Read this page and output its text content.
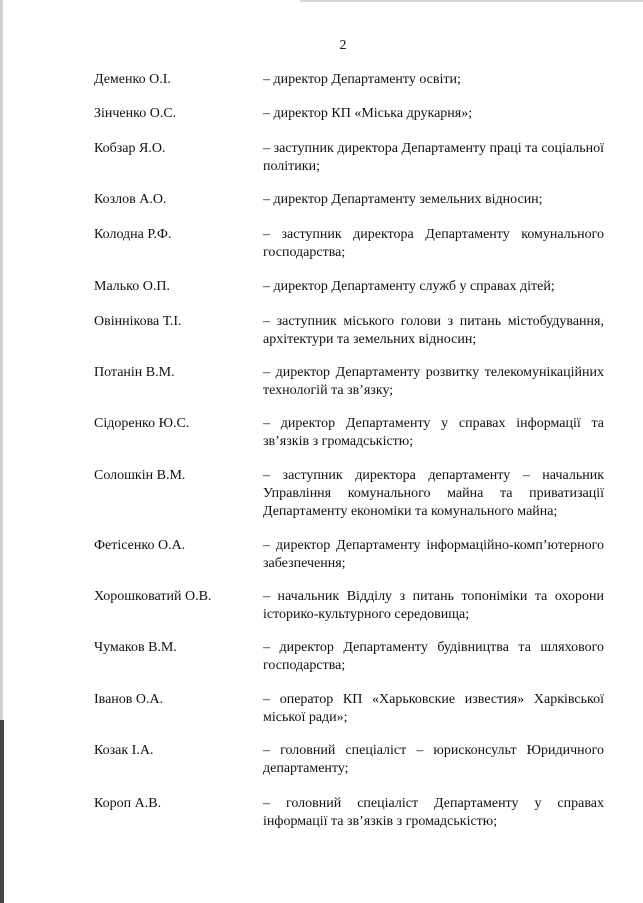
2
Деменко О.І.	– директор Департаменту освіти;
Зінченко О.С.	– директор КП «Міська друкарня»;
Кобзар Я.О.	– заступник директора Департаменту праці та соціальної політики;
Козлов А.О.	– директор Департаменту земельних відносин;
Колодна Р.Ф.	– заступник директора Департаменту комунального господарства;
Малько О.П.	– директор Департаменту служб у справах дітей;
Овіннікова Т.І.	– заступник міського голови з питань містобудування, архітектури та земельних відносин;
Потанін В.М.	– директор Департаменту розвитку телекомунікаційних технологій та зв’язку;
Сідоренко Ю.С.	– директор Департаменту у справах інформації та зв’язків з громадськістю;
Солошкін В.М.	– заступник директора департаменту – начальник Управління комунального майна та приватизації Департаменту економіки та комунального майна;
Фетісенко О.А.	– директор Департаменту інформаційно-комп’ютерного забезпечення;
Хорошковатий О.В.	– начальник Відділу з питань топоніміки та охорони історико-культурного середовища;
Чумаков В.М.	– директор Департаменту будівництва та шляхового господарства;
Іванов О.А.	– оператор КП «Харьковские известия» Харківської міської ради»;
Козак І.А.	– головний спеціаліст – юрисконсульт Юридичного департаменту;
Короп А.В.	– головний спеціаліст Департаменту у справах інформації та зв’язків з громадськістю;
